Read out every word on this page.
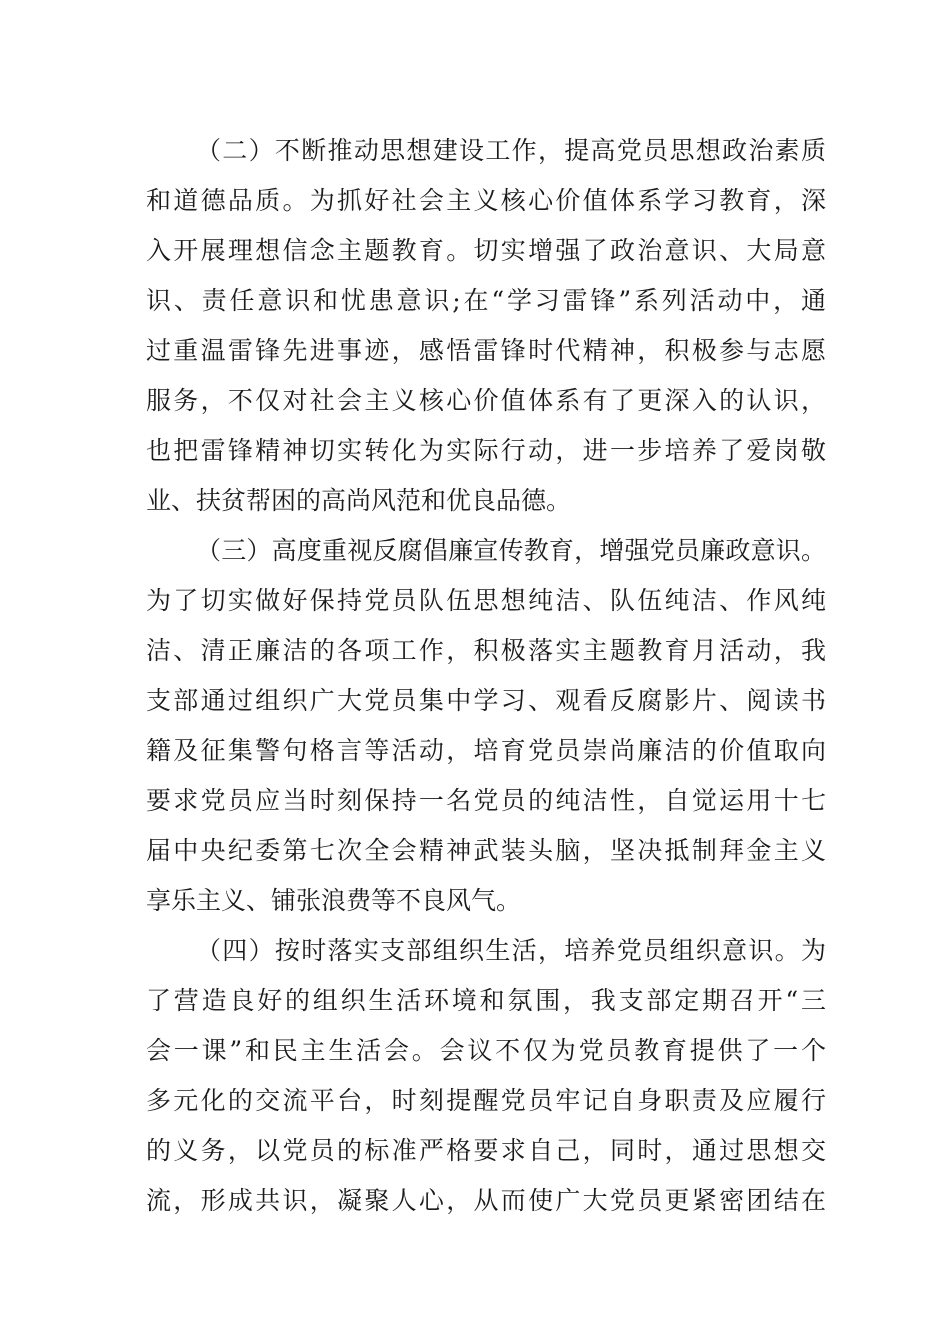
（二）不断推动思想建设工作，提高党员思想政治素质
和道德品质。为抓好社会主义核心价值体系学习教育，深
入开展理想信念主题教育。切实增强了政治意识、大局意
识、责任意识和忧患意识;在“学习雷锋”系列活动中，通
过重温雷锋先进事迹，感悟雷锋时代精神，积极参与志愿
服务，不仅对社会主义核心价值体系有了更深入的认识，
也把雷锋精神切实转化为实际行动，进一步培养了爱岗敬
业、扶贫帮困的高尚风范和优良品德。
（三）高度重视反腐倡廉宣传教育，增强党员廉政意识。
为了切实做好保持党员队伍思想纯洁、队伍纯洁、作风纯
洁、清正廉洁的各项工作，积极落实主题教育月活动，我
支部通过组织广大党员集中学习、观看反腐影片、阅读书
籍及征集警句格言等活动，培育党员崇尚廉洁的价值取向
要求党员应当时刻保持一名党员的纯洁性，自觉运用十七
届中央纪委第七次全会精神武装头脑，坚决抵制拜金主义
享乐主义、铺张浪费等不良风气。
（四）按时落实支部组织生活，培养党员组织意识。为
了营造良好的组织生活环境和氛围，我支部定期召开“三
会一课”和民主生活会。会议不仅为党员教育提供了一个
多元化的交流平台，时刻提醒党员牢记自身职责及应履行
的义务，以党员的标准严格要求自己，同时，通过思想交
流，形成共识，凝聚人心，从而使广大党员更紧密团结在
